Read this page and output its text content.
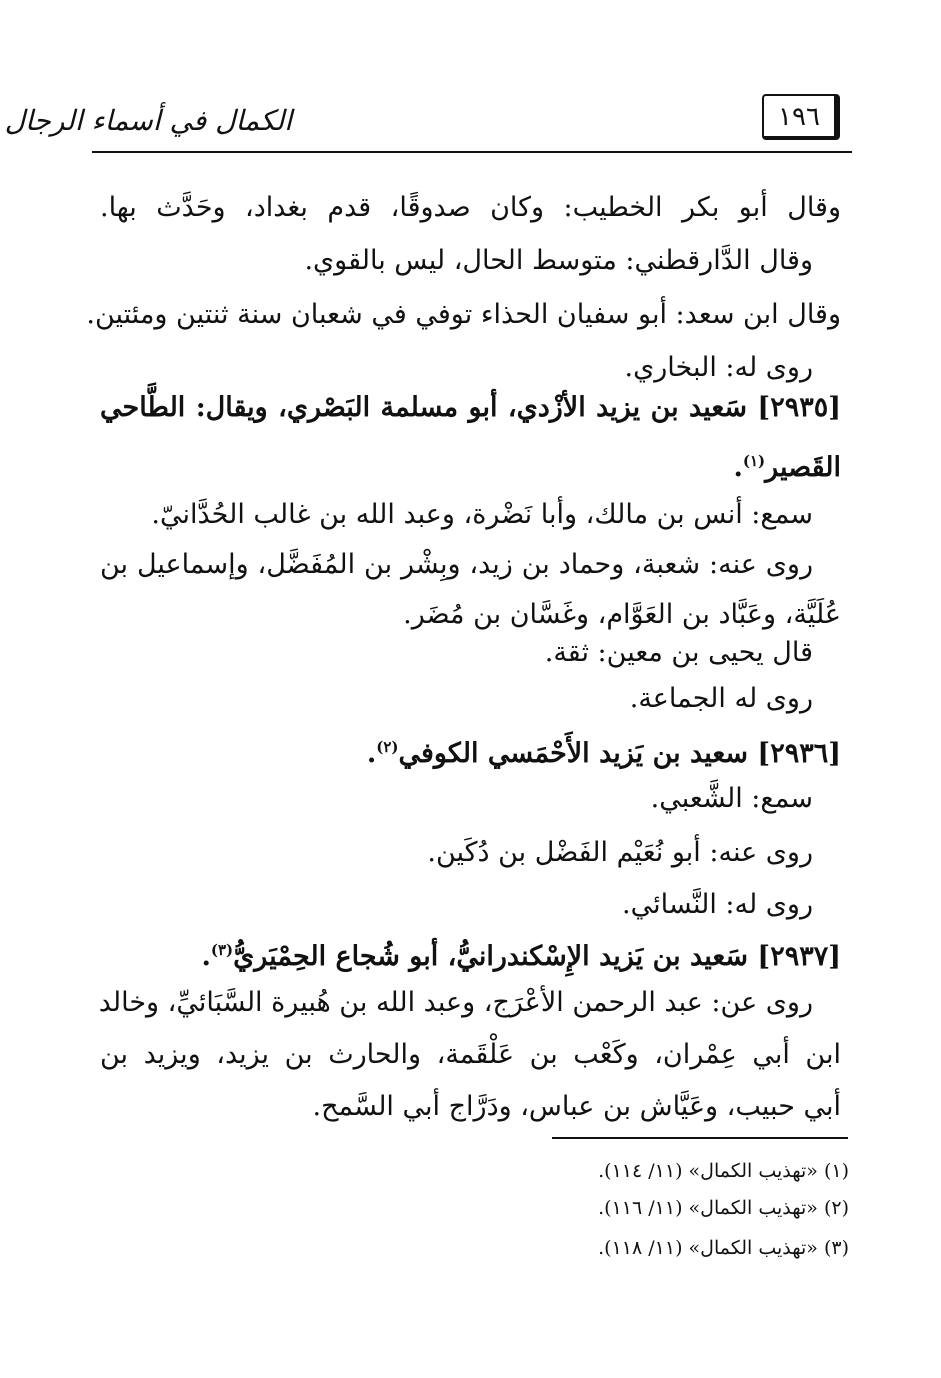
الكمال في أسماء الرجال	١٩٦
وقال أبو بكر الخطيب: وكان صدوقًا، قدم بغداد، وحَدَّث بها.
وقال الدَّارقطني: متوسط الحال، ليس بالقوي.
وقال ابن سعد: أبو سفيان الحذاء توفي في شعبان سنة ثنتين ومئتين.
روى له: البخاري.
[٢٩٣٥] سَعيد بن يزيد الأزْدي، أبو مسلمة البَصْري، ويقال: الطَّاحي
القَصير$^{(١)}$.
سمع: أنس بن مالك، وأبا نَضْرة، وعبد الله بن غالب الحُدَّانيّ.
روى عنه: شعبة، وحماد بن زيد، وبِشْر بن المُفَضَّل، وإسماعيل بن
عُلَيَّة، وعَبَّاد بن العَوَّام، وغَسَّان بن مُضَر.
قال يحيى بن معين: ثقة.
روى له الجماعة.
[٢٩٣٦] سعيد بن يَزيد الأَحْمَسي الكوفي$^{(٢)}$.
سمع: الشَّعبي.
روى عنه: أبو نُعَيْم الفَضْل بن دُكَين.
روى له: النَّسائي.
[٢٩٣٧] سَعيد بن يَزيد الإِسْكندرانيُّ، أبو شُجاع الحِمْيَريُّ$^{(٣)}$.
روى عن: عبد الرحمن الأعْرَج، وعبد الله بن هُبيرة السَّبَائيِّ، وخالد
ابن أبي عِمْران، وكَعْب بن عَلْقَمة، والحارث بن يزيد، ويزيد بن
أبي حبيب، وعَيَّاش بن عباس، ودَرَّاج أبي السَّمح.
(١) «تهذيب الكمال» (١١/ ١١٤).
(٢) «تهذيب الكمال» (١١/ ١١٦).
(٣) «تهذيب الكمال» (١١/ ١١٨).
